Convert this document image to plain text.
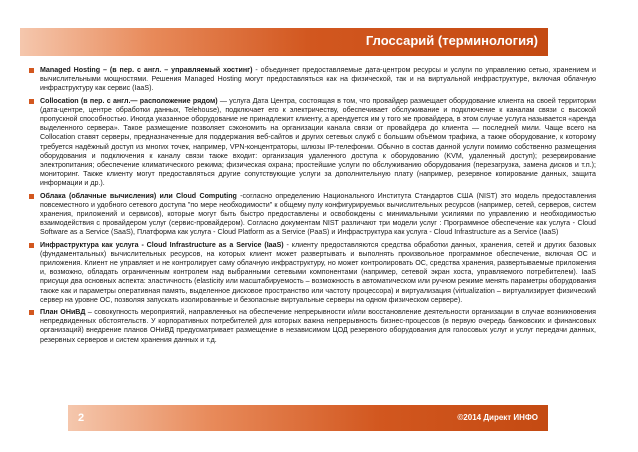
Глоссарий (терминология)
Managed Hosting – (в пер. с англ. – управляемый хостинг) - объединяет предоставляемые дата-центром ресурсы и услуги по управлению сетью, хранением и вычислительными мощностями. Решения Managed Hosting могут предоставляться как на физической, так и на виртуальной инфраструктуре, включая облачную инфраструктуру как сервис (IaaS).
Collocation (в пер. с англ.— расположение рядом) — услуга Дата Центра, состоящая в том, что провайдер размещает оборудование клиента на своей территории (дата-центре, центре обработки данных, Telehouse), подключает его к электричеству, обеспечивает обслуживание и подключение к каналам связи с высокой пропускной способностью. Иногда указанное оборудование не принадлежит клиенту, а арендуется им у того же провайдера, в этом случае услуга называется «аренда выделенного сервера». Такое размещение позволяет сэкономить на организации канала связи от провайдера до клиента — последней мили. Чаще всего на Collocation ставят серверы, предназначенные для поддержания веб-сайтов и других сетевых служб с большим объёмом трафика, а также оборудование, к которому требуется надёжный доступ из многих точек, например, VPN-концентраторы, шлюзы IP-телефонии. Обычно в состав данной услуги помимо собственно размещения оборудования и подключения к каналу связи также входит: организация удаленного доступа к оборудованию (KVM, удаленный доступ); резервирование электропитания; обеспечение климатического режима; физическая охрана; простейшие услуги по обслуживанию оборудования (перезагрузка, замена дисков и т.п.); мониторинг. Также клиенту могут предоставляться другие сопутствующие услуги за дополнительную плату (например, резервное копирование данных, защита информации и др.).
Облака (облачные вычисления) или Cloud Computing -согласно определению Национального Института Стандартов США (NIST) это модель предоставления повсеместного и удобного сетевого доступа "по мере необходимости" к общему пулу конфигурируемых вычислительных ресурсов (например, сетей, серверов, систем хранения, приложений и сервисов), которые могут быть быстро предоставлены и освобождены с минимальными усилиями по управлению и необходимостью взаимодействия с провайдером услуг (сервис-провайдером). Согласно документам NIST различают три модели услуг : Программное обеспечение как услуга - Cloud Software as a Service (SaaS), Платформа как услуга - Cloud Platform as a Service (PaaS) и Инфраструктура как услуга - Cloud Infrastructure as a Service (IaaS)
Инфраструктура как услуга - Cloud Infrastructure as a Service (IaaS) - клиенту предоставляются средства обработки данных, хранения, сетей и других базовых (фундаментальных) вычислительных ресурсов, на которых клиент может развертывать и выполнять произвольное программное обеспечение, включая ОС и приложения. Клиент не управляет и не контролирует саму облачную инфраструктуру, но может контролировать ОС, средства хранения, развертываемые приложения и, возможно, обладать ограниченным контролем над выбранными сетевыми компонентами (например, сетевой экран хоста, управляемого потребителем). IaaS присущи два основных аспекта: эластичность (elasticity или масштабируемость – возможность в автоматическом или ручном режиме менять параметры оборудования также как и параметры оперативная память, выделенное дисковое пространство или частоту процессора) и виртуализация (virtualization – виртуализирует физический сервер на уровне ОС, позволяя запускать изолированные и безопасные виртуальные серверы на одном физическом сервере).
План ОНиВД – совокупность мероприятий, направленных на обеспечение непрерывности и/или восстановление деятельности организации в случае возникновения непредвиденных обстоятельств. У корпоративных потребителей для которых важна непрерывность бизнес-процессов (в первую очередь банковских и финансовых организаций) внедрение планов ОНиВД предусматривает размещение в независимом ЦОД резервного оборудования для голосовых услуг и услуг передачи данных, резервных серверов и систем хранения данных и т.д.
©2014 Директ ИНФО
2
